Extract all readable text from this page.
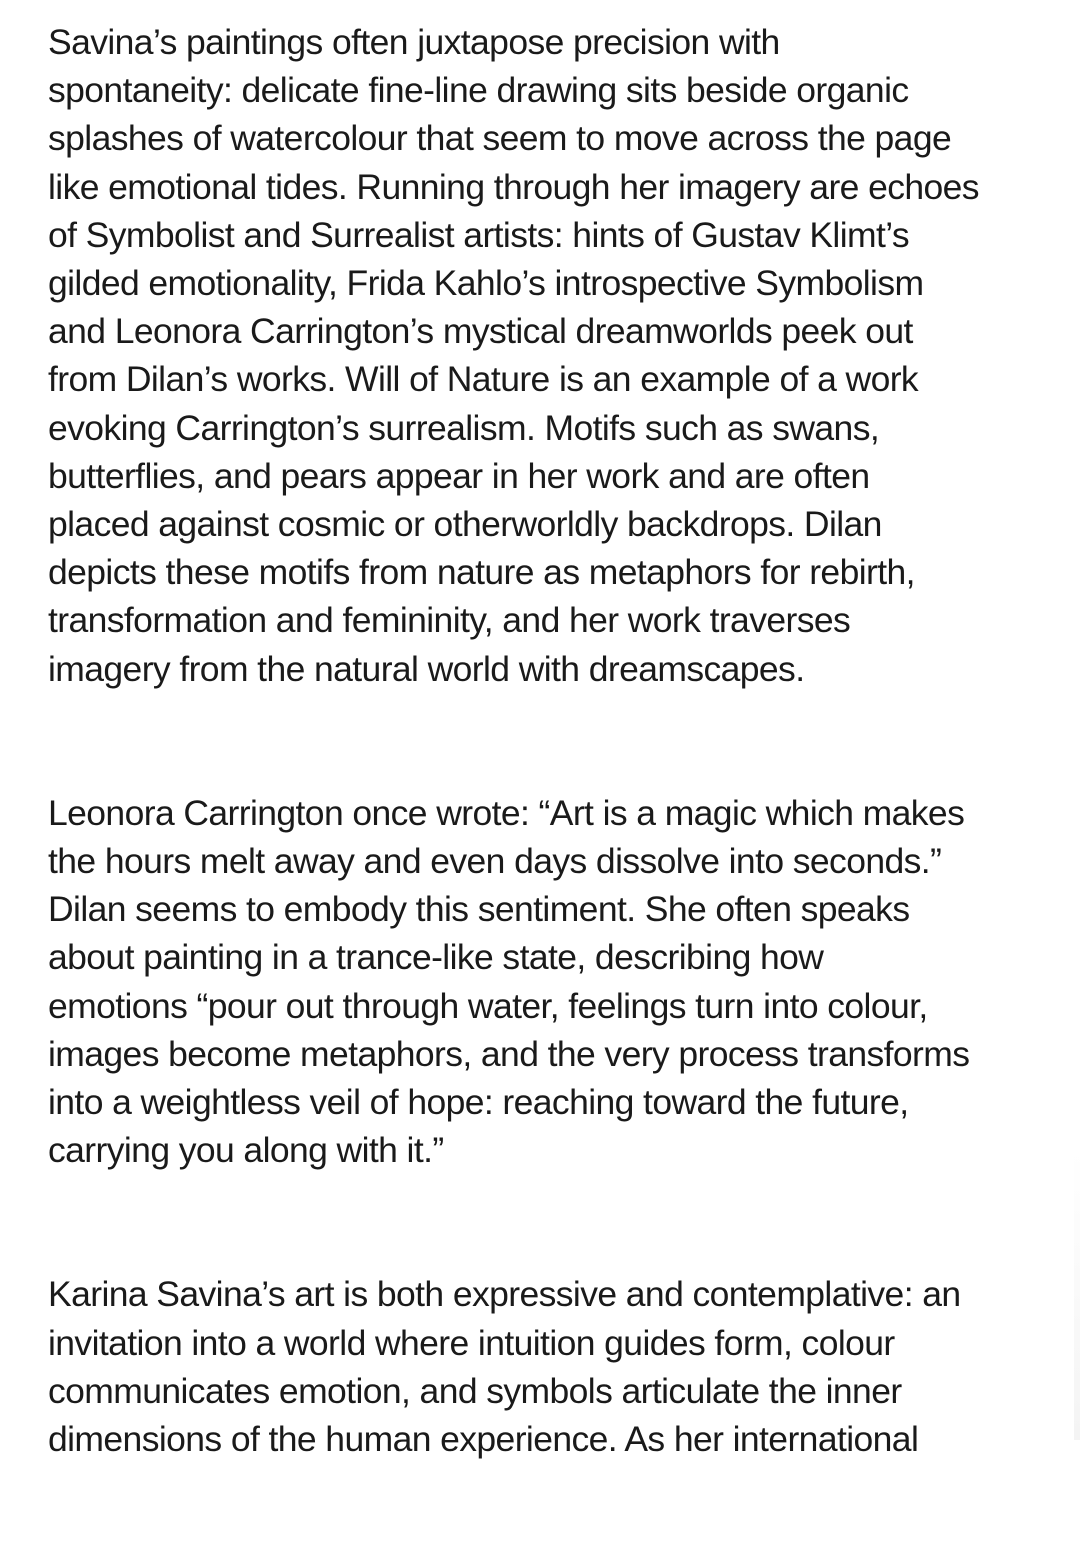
Savina’s paintings often juxtapose precision with
spontaneity: delicate fine-line drawing sits beside organic
splashes of watercolour that seem to move across the page
like emotional tides. Running through her imagery are echoes
of Symbolist and Surrealist artists: hints of Gustav Klimt’s
gilded emotionality, Frida Kahlo’s introspective Symbolism
and Leonora Carrington’s mystical dreamworlds peek out
from Dilan’s works. Will of Nature is an example of a work
evoking Carrington’s surrealism. Motifs such as swans,
butterflies, and pears appear in her work and are often
placed against cosmic or otherworldly backdrops. Dilan
depicts these motifs from nature as metaphors for rebirth,
transformation and femininity, and her work traverses
imagery from the natural world with dreamscapes.

Leonora Carrington once wrote: “Art is a magic which makes
the hours melt away and even days dissolve into seconds.”
Dilan seems to embody this sentiment. She often speaks
about painting in a trance-like state, describing how
emotions “pour out through water, feelings turn into colour,
images become metaphors, and the very process transforms
into a weightless veil of hope: reaching toward the future,
carrying you along with it.”

Karina Savina’s art is both expressive and contemplative: an
invitation into a world where intuition guides form, colour
communicates emotion, and symbols articulate the inner
dimensions of the human experience. As her international
